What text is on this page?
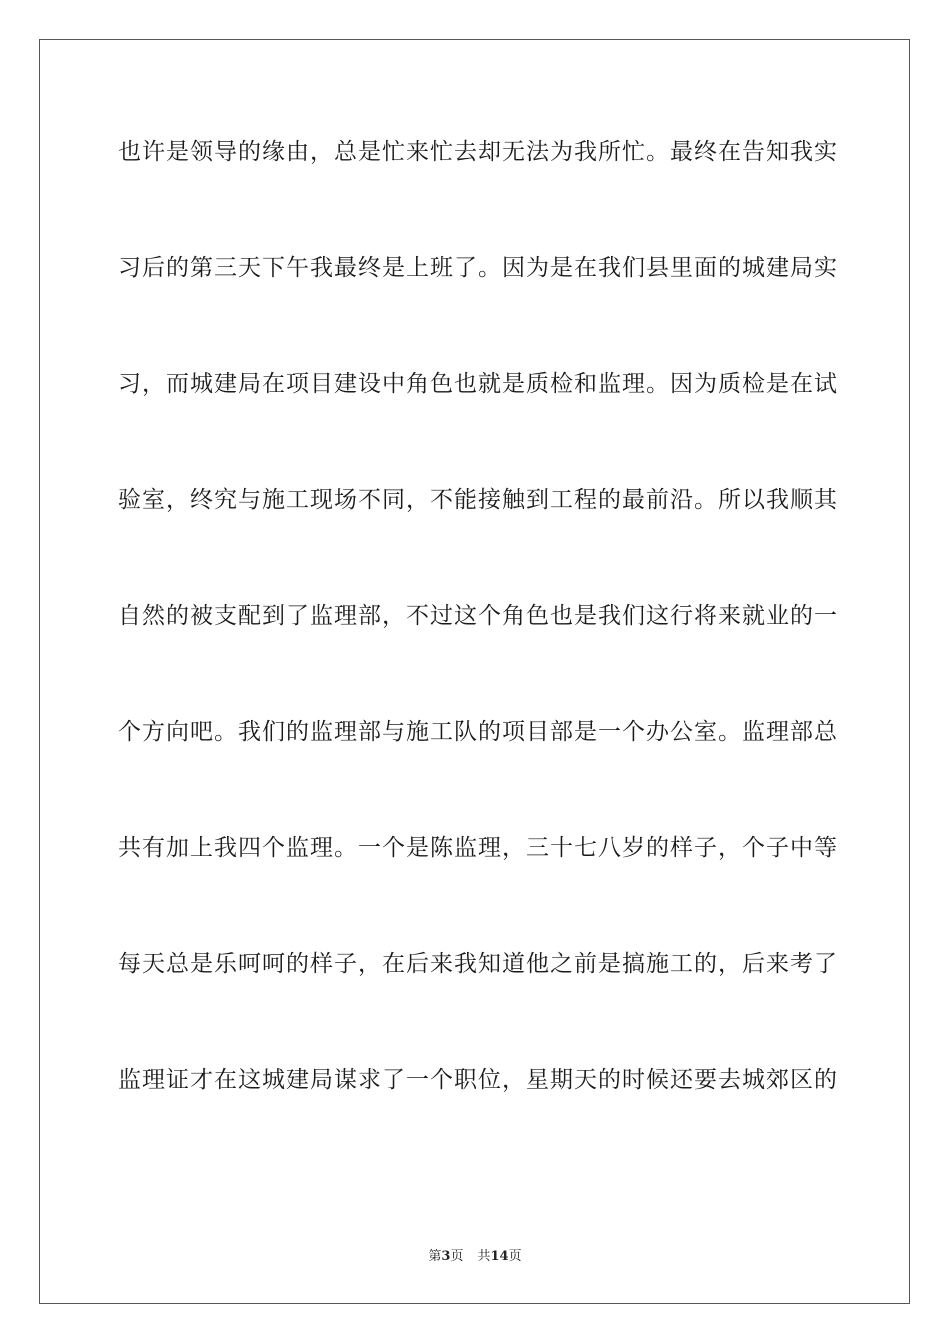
也许是领导的缘由，总是忙来忙去却无法为我所忙。最终在告知我实
习后的第三天下午我最终是上班了。因为是在我们县里面的城建局实
习，而城建局在项目建设中角色也就是质检和监理。因为质检是在试
验室，终究与施工现场不同，不能接触到工程的最前沿。所以我顺其
自然的被支配到了监理部，不过这个角色也是我们这行将来就业的一
个方向吧。我们的监理部与施工队的项目部是一个办公室。监理部总
共有加上我四个监理。一个是陈监理，三十七八岁的样子，个子中等
每天总是乐呵呵的样子，在后来我知道他之前是搞施工的，后来考了
监理证才在这城建局谋求了一个职位，星期天的时候还要去城郊区的
第3页 共14页
